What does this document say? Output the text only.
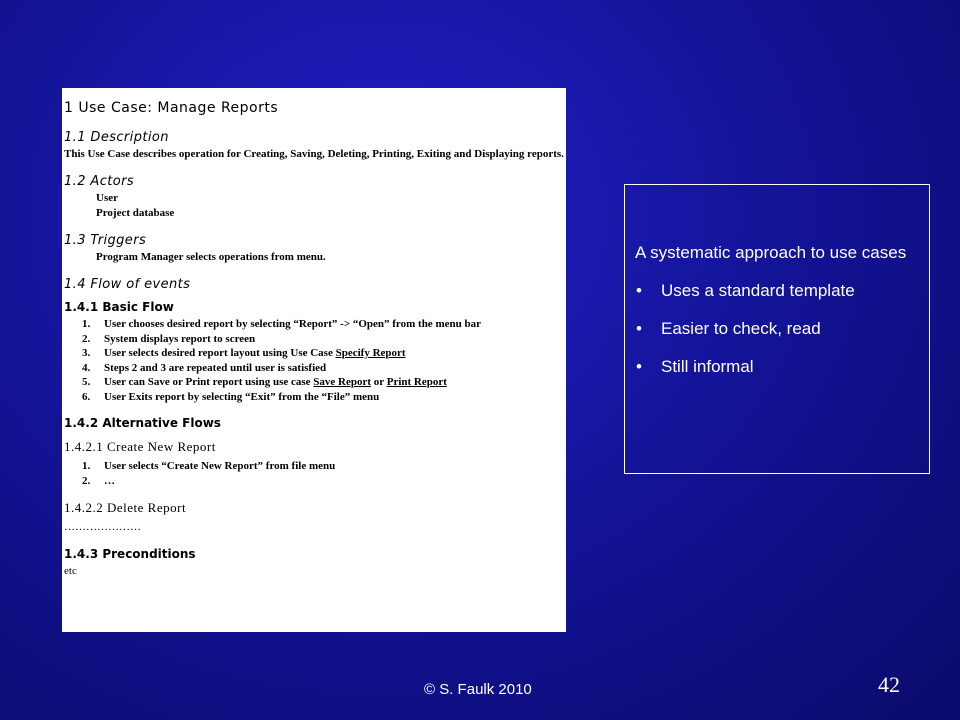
1 Use Case: Manage Reports
1.1 Description
This Use Case describes operation for Creating, Saving, Deleting, Printing, Exiting and Displaying reports.
1.2 Actors
User
Project database
1.3 Triggers
Program Manager selects operations from menu.
1.4 Flow of events
1.4.1 Basic Flow
1.	User chooses desired report by selecting “Report” -> “Open” from the menu bar
2.	System displays report to screen
3.	User selects desired report layout using Use Case Specify Report
4.	Steps 2 and 3 are repeated until user is satisfied
5.	User can Save or Print report using use case Save Report or Print Report
6.	User Exits report by selecting “Exit” from the “File” menu
1.4.2 Alternative Flows
1.4.2.1 Create New Report
1.	User selects “Create New Report” from file menu
2.	…
1.4.2.2 Delete Report
…………………
1.4.3 Preconditions
etc
A systematic approach to use cases
• Uses a standard template
• Easier to check, read
• Still informal
© S. Faulk 2010	42
